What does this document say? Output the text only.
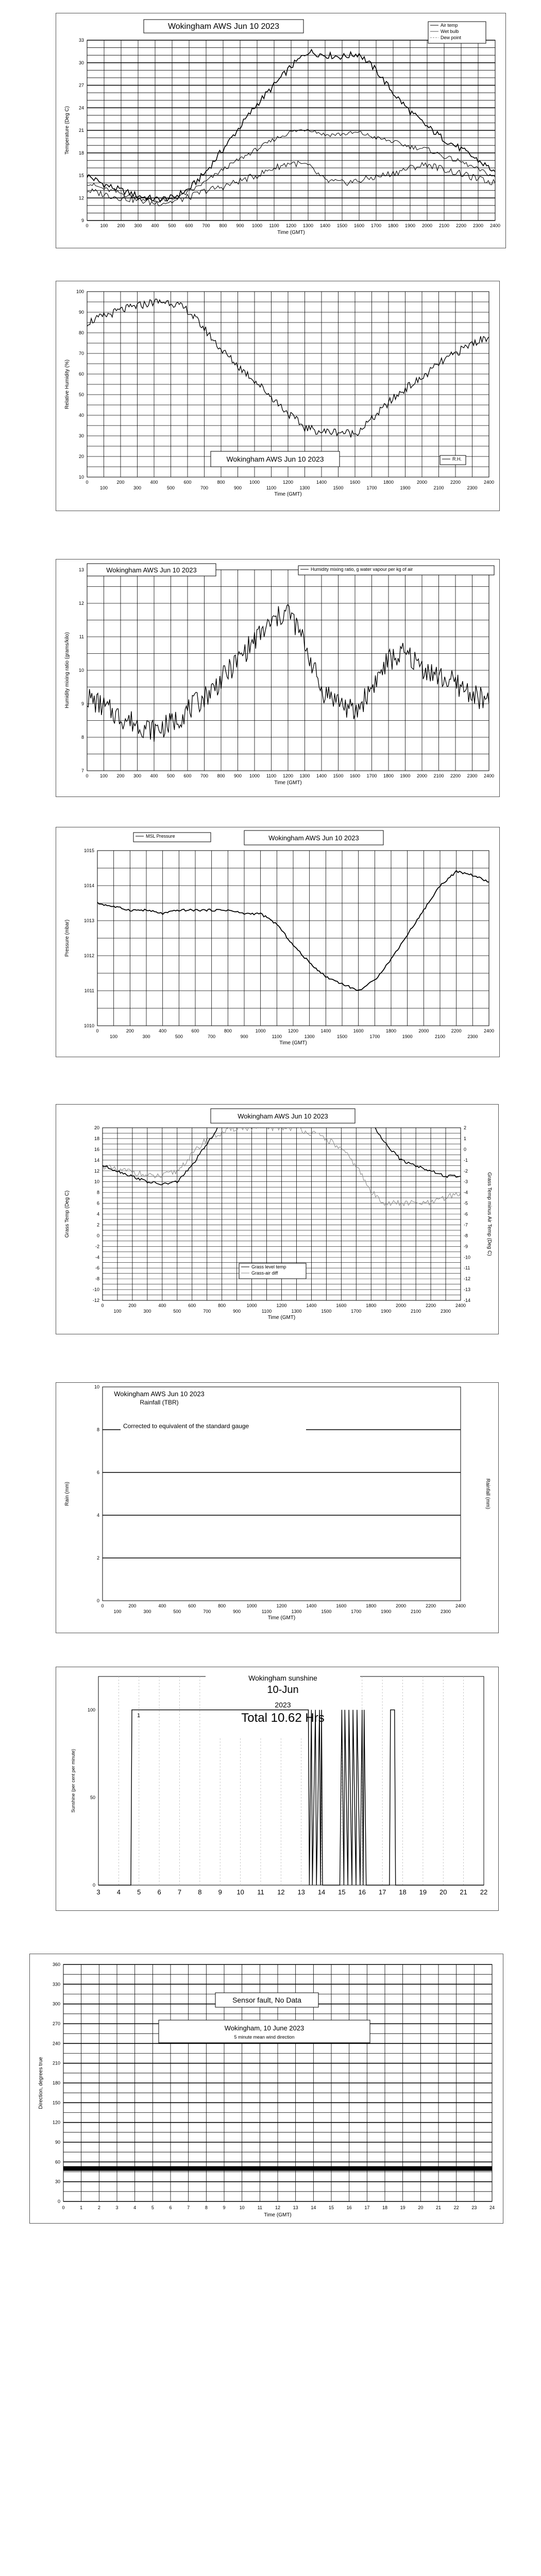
33
30
27
24
21
18
15
12
9
0	100 200 300 400 500 600 700 800 900 1000 1100 1200 1300 1400 1500 1600 1700 1800 1900 2000 2100 2200 2300 2400
Time (GMT)
Temperature (Deg C)
Wokingham AWS Jun 10 2023	Air temp
Wet bulb
Dew point
100
90
80
70
60
50
40
30
20
10
0	200	400	600	800	1000	1200	1400	1600	1800	2000	2200	2400
100	300	500	700	900	1100	1300	1500	1700	1900	2100	2300
Time (GMT)
Relative Humidity (%)
Wokingham AWS Jun 10 2023	R.H.
13
12
11
10
9
8
7
0 100 200 300 400 500 600 700 800 900 1000 1100 1200 1300 1400 1500 1600 1700 1800 1900 2000 2100 2200 2300 2400
Time (GMT)
Humidity mixing ratio (grams/kilo)
Wokingham AWS Jun 10 2023	Humidity mixing ratio, g water vapour per kg of air
1015
1014
1013
1012
1011
1010
0	200	400	600	800	1000	1200	1400	1600	1800	2000	2200	2400
100	300	500	700	900	1100	1300	1500	1700	1900	2100	2300
Time (GMT)
Pressure (mbar)
MSL Pressure	Wokingham AWS Jun 10 2023
20
18
16
14
12
10
8
6
4
2
0
-2
-4
-6
-8
-10
-12
2
1
0
-1
-2
-3
-4
-5
-6
-7
-8
-9
-10
-11
-12
-13
-14
0	200	400	600	800	1000	1200	1400	1600	1800	2000	2200	2400
100	300	500	700	900	1100	1300	1500	1700	1900	2100	2300
Time (GMT)
Grass Temp (Deg C)	Grass Temp minus Air Temp (Deg C)
Wokingham AWS Jun 10 2023
Grass level temp
Grass-air diff
10
8
6
4
2
0
0	200	400	600	800	1000	1200	1400	1600	1800	2000	2200	2400
100	300	500	700	900	1100	1300	1500	1700	1900	2100	2300
Time (GMT)
Rain (mm)	Rainfall (mm)
Wokingham AWS Jun 10 2023
Rainfall (TBR)
Corrected to equivalent of the standard gauge
100
50
0
Sunshine (per cent per minute)
3 4 5 6 7 8 9 10 11 12 13 14 15 16 17 18 19 20 21 22
1
Wokingham sunshine
10-Jun
2023
Total 10.62 Hrs
360
330
300
270
240
210
180
150
120
90
60
30
0
0	1	2	3	4	5	6	7	8	9	10	11	12	13	14	15	16	17	18	19	20	21	22	23	24
Time (GMT)
Direction, degrees true
Sensor fault, No Data
Wokingham, 10 June 2023
5 minute mean wind direction
